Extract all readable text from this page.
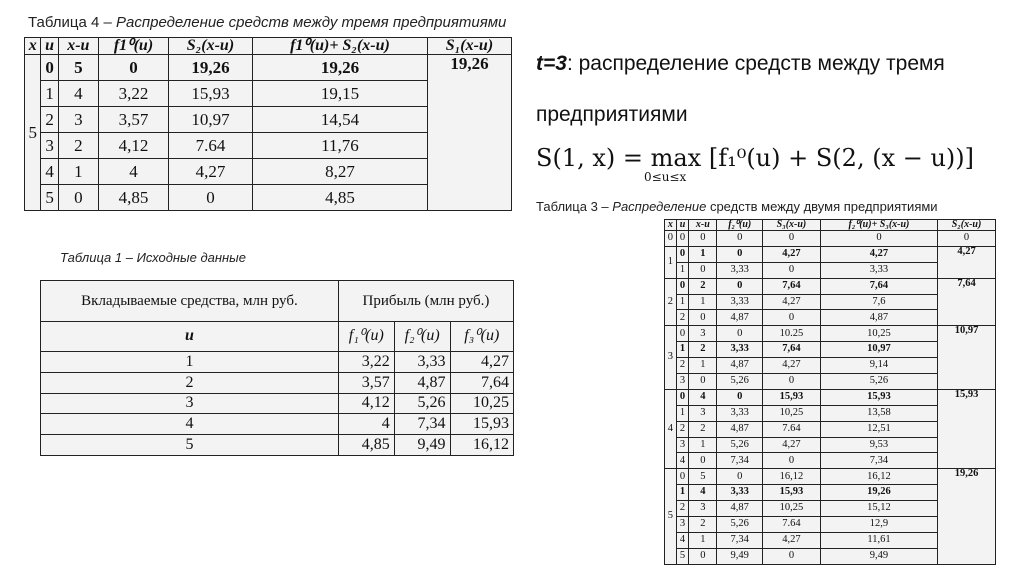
Таблица 4 – Распределение средств между тремя предприятиями
x	u	x-u	f1⁰(u)	S₂(x-u)	f1⁰(u)+ S₂(x-u)	S₁(x-u)
5	0	5	0	19,26	19,26	19,26
	1	4	3,22	15,93	19,15	
	2	3	3,57	10,97	14,54	
	3	2	4,12	7.64	11,76	
	4	1	4	4,27	8,27	
	5	0	4,85	0	4,85	
t=3: распределение средств между тремя
предприятиями
S(1, x) = max [f₁⁰(u) + S(2, (x − u))]
0≤u≤x
Таблица 3 – Распределение средств между двумя предприятиями
x	u	x-u	f₂⁰(u)	S₃(x-u)	f₂⁰(u)+ S₃(x-u)	S₂(x-u)
0	0	0	0	0	0	0
1	0	1	0	4,27	4,27	4,27
	1	0	3,33	0	3,33	
2	0	2	0	7,64	7,64	7,64
	1	1	3,33	4,27	7,6	
	2	0	4,87	0	4,87	
3	0	3	0	10.25	10,25	10,97
	1	2	3,33	7,64	10,97	
	2	1	4,87	4,27	9,14	
	3	0	5,26	0	5,26	
4	0	4	0	15,93	15,93	15,93
	1	3	3,33	10,25	13,58	
	2	2	4,87	7.64	12,51	
	3	1	5,26	4,27	9,53	
	4	0	7,34	0	7,34	
5	0	5	0	16,12	16,12	19,26
	1	4	3,33	15,93	19,26	
	2	3	4,87	10,25	15,12	
	3	2	5,26	7.64	12,9	
	4	1	7,34	4,27	11,61	
	5	0	9,49	0	9,49	
Таблица 1 – Исходные данные
Вкладываемые средства, млн руб.	Прибыль (млн руб.)		
u	f₁⁰(u)	f₂⁰(u)	f₃⁰(u)
1	3,22	3,33	4,27
2	3,57	4,87	7,64
3	4,12	5,26	10,25
4	4	7,34	15,93
5	4,85	9,49	16,12
